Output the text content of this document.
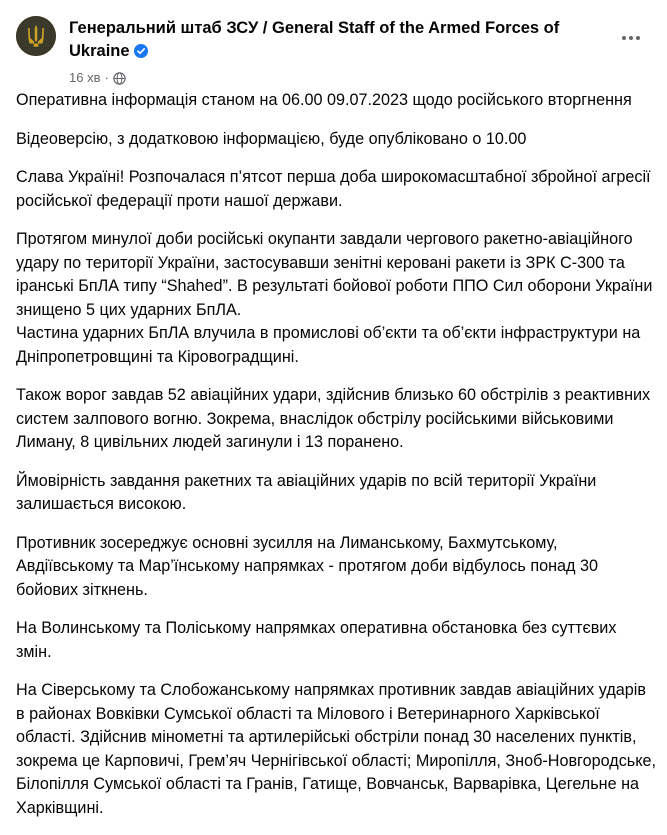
Генеральний штаб ЗСУ / General Staff of the Armed Forces of Ukraine
16 хв ·

Оперативна інформація станом на 06.00 09.07.2023 щодо російського вторгнення

Відеоверсію, з додатковою інформацією, буде опубліковано о 10.00

Слава Україні! Розпочалася п’ятсот перша доба широкомасштабної збройної агресії російської федерації проти нашої держави.

Протягом минулої доби російські окупанти завдали чергового ракетно-авіаційного удару по території України, застосувавши зенітні керовані ракети із ЗРК С-300 та іранські БпЛА типу “Shahed”. В результаті бойової роботи ППО Сил оборони України знищено 5 цих ударних БпЛА.
Частина ударних БпЛА влучила в промислові об’єкти та об’єкти інфраструктури на Дніпропетровщині та Кіровоградщині.

Також ворог завдав 52 авіаційних удари, здійснив близько 60 обстрілів з реактивних систем залпового вогню. Зокрема, внаслідок обстрілу російськими військовими Лиману, 8 цивільних людей загинули і 13 поранено.

Ймовірність завдання ракетних та авіаційних ударів по всій території України залишається високою.

Противник зосереджує основні зусилля на Лиманському, Бахмутському, Авдіївському та Мар’їнському напрямках - протягом доби відбулось понад 30 бойових зіткнень.

На Волинському та Поліському напрямках оперативна обстановка без суттєвих змін.

На Сіверському та Слобожанському напрямках противник завдав авіаційних ударів в районах Вовківки Сумської області та Мілового і Ветеринарного Харківської області. Здійснив мінометні та артилерійські обстріли понад 30 населених пунктів, зокрема це Карповичі, Грем’яч Чернігівської області; Миропілля, Зноб-Новгородське, Білопілля Сумської області та Гранів, Гатище, Вовчанськ, Варварівка, Цегельне на Харківщині.
